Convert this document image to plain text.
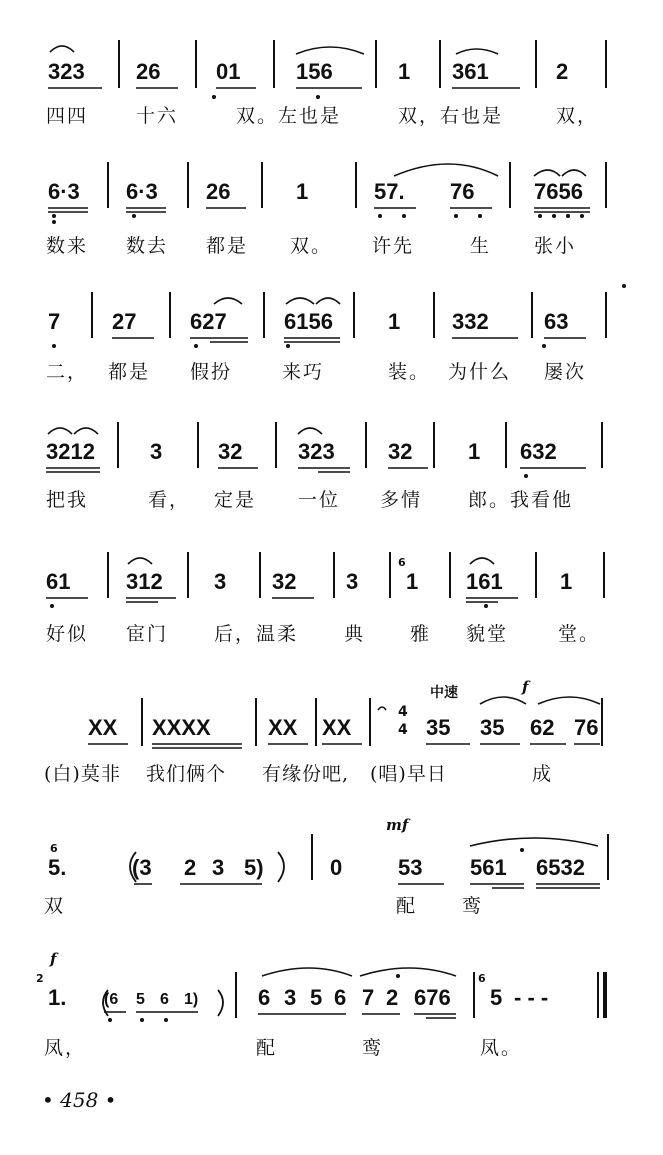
323 26	01	156	1 361	2
四四	十六	双。左也是	双，右也是	双，
6·3 6·3 26	1	57. 76	7656
数来 数去 都是 双。 许先	生 张小
7 27 627	6156	1 332	63
二， 都是 假扮	来巧	装。 为什么 屡次
3212	3	32	323 32	1 632
把我	看， 定是 一位 多情 郎。我看他
61	312 3 32 3
6
1 161	1
好似 宦门 后，温柔 典 雅 貌堂	堂。
中速	f
XX XXXX	XX XX
4
4 35 35 62 76
(白)莫非 我们俩个 有缘份吧, (唱)早日	成
6
mf
5.	(3 2 3 5)	0	53 561 6532
双	配 鸾
f
2
1. (6 5 6 1)	6 3 5 6 7 2 676
6
5 - - -
凤，	配	鸾	凤。
• 458 •
